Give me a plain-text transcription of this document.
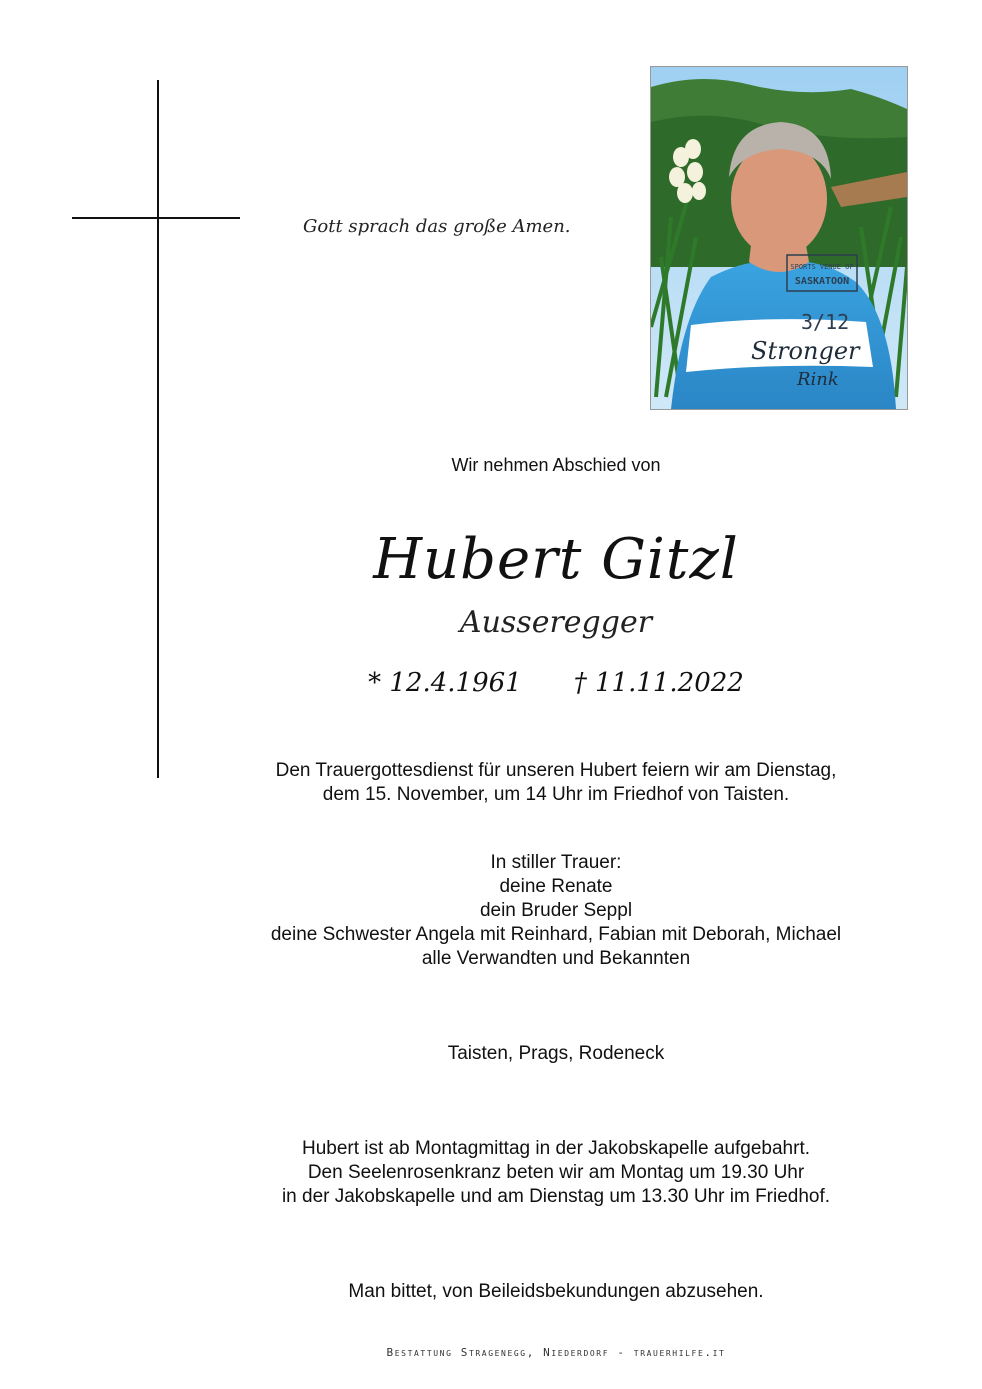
Gott sprach das große Amen.
SPORTS VENUE OF
SASKATOON
3/12
Stronger
Rink
Wir nehmen Abschied von
Hubert Gitzl
Ausseregger
* 12.4.1961 † 11.11.2022
Den Trauergottesdienst für unseren Hubert feiern wir am Dienstag,
dem 15. November, um 14 Uhr im Friedhof von Taisten.
In stiller Trauer:
deine Renate
dein Bruder Seppl
deine Schwester Angela mit Reinhard, Fabian mit Deborah, Michael
alle Verwandten und Bekannten
Taisten, Prags, Rodeneck
Hubert ist ab Montagmittag in der Jakobskapelle aufgebahrt.
Den Seelenrosenkranz beten wir am Montag um 19.30 Uhr
in der Jakobskapelle und am Dienstag um 13.30 Uhr im Friedhof.
Man bittet, von Beileidsbekundungen abzusehen.
Bestattung Stragenegg, Niederdorf - trauerhilfe.it
